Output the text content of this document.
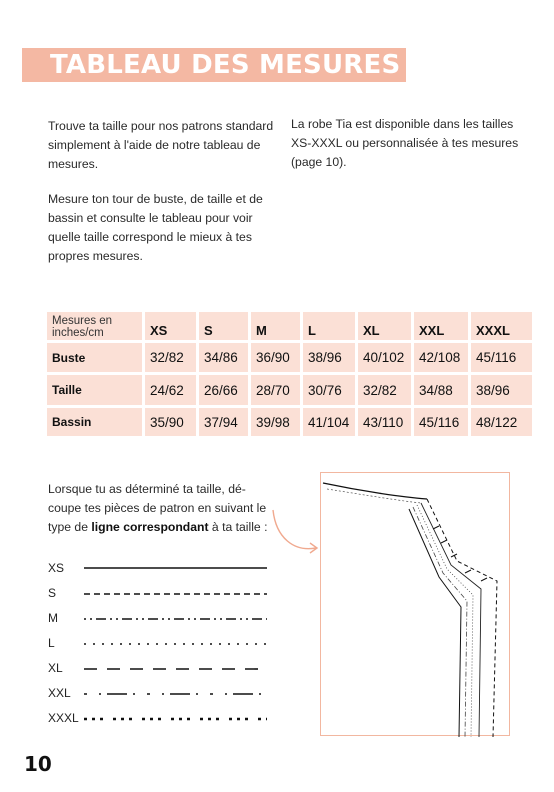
TABLEAU DES MESURES

Trouve ta taille pour nos patrons standard simplement à l'aide de notre tableau de mesures.

Mesure ton tour de buste, de taille et de bassin et consulte le tableau pour voir quelle taille correspond le mieux à tes propres mesures.

La robe Tia est disponible dans les tailles XS-XXXL ou personnalisée à tes mesures (page 10).

Mesures en inches/cm	XS	S	M	L	XL	XXL	XXXL
Buste	32/82	34/86	36/90	38/96	40/102	42/108	45/116
Taille	24/62	26/66	28/70	30/76	32/82	34/88	38/96
Bassin	35/90	37/94	39/98	41/104	43/110	45/116	48/122

Lorsque tu as déterminé ta taille, dé-coupe tes pièces de patron en suivant le type de ligne correspondant à ta taille :

XS
S
M
L
XL
XXL
XXXL
10
